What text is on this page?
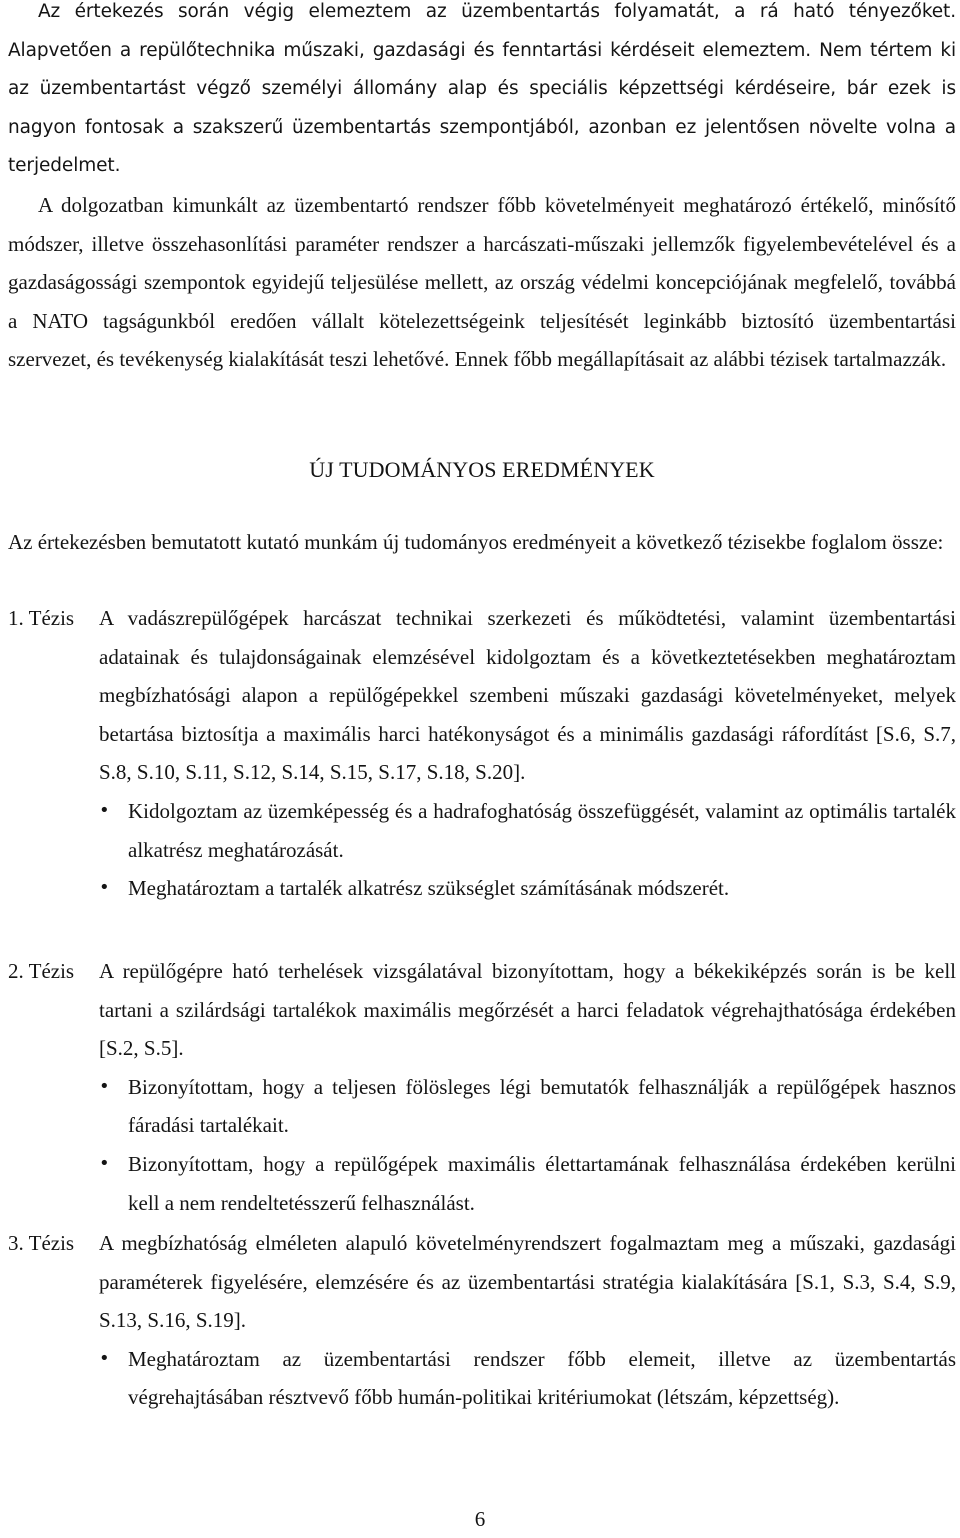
Az értekezés során végig elemeztem az üzembentartás folyamatát, a rá ható tényezőket. Alapvetően a repülőtechnika műszaki, gazdasági és fenntartási kérdéseit elemeztem. Nem tértem ki az üzembentartást végző személyi állomány alap és speciális képzettségi kérdéseire, bár ezek is nagyon fontosak a szakszerű üzembentartás szempontjából, azonban ez jelentősen növelte volna a terjedelmet.

A dolgozatban kimunkált az üzembentartó rendszer főbb követelményeit meghatározó értékelő, minősítő módszer, illetve összehasonlítási paraméter rendszer a harcászati-műszaki jellemzők figyelembevételével és a gazdaságossági szempontok egyidejű teljesülése mellett, az ország védelmi koncepciójának megfelelő, továbbá a NATO tagságunkból eredően vállalt kötelezettségeink teljesítését leginkább biztosító üzembentartási szervezet, és tevékenység kialakítását teszi lehetővé. Ennek főbb megállapításait az alábbi tézisek tartalmazzák.

ÚJ TUDOMÁNYOS EREDMÉNYEK

Az értekezésben bemutatott kutató munkám új tudományos eredményeit a következő tézisekbe foglalom össze:

1. Tézis A vadászrepülőgépek harcászat technikai szerkezeti és működtetési, valamint üzembentartási adatainak és tulajdonságainak elemzésével kidolgoztam és a következtetésekben meghatároztam megbízhatósági alapon a repülőgépekkel szembeni műszaki gazdasági követelményeket, melyek betartása biztosítja a maximális harci hatékonyságot és a minimális gazdasági ráfordítást [S.6, S.7, S.8, S.10, S.11, S.12, S.14, S.15, S.17, S.18, S.20].
• Kidolgoztam az üzemképesség és a hadrafoghatóság összefüggését, valamint az optimális tartalék alkatrész meghatározását.
• Meghatároztam a tartalék alkatrész szükséglet számításának módszerét.
2. Tézis A repülőgépre ható terhelések vizsgálatával bizonyítottam, hogy a békekiképzés során is be kell tartani a szilárdsági tartalékok maximális megőrzését a harci feladatok végrehajthatósága érdekében [S.2, S.5].
• Bizonyítottam, hogy a teljesen fölösleges légi bemutatók felhasználják a repülőgépek hasznos fáradási tartalékait.
• Bizonyítottam, hogy a repülőgépek maximális élettartamának felhasználása érdekében kerülni kell a nem rendeltetésszerű felhasználást.
3. Tézis A megbízhatóság elméleten alapuló követelményrendszert fogalmaztam meg a műszaki, gazdasági paraméterek figyelésére, elemzésére és az üzembentartási stratégia kialakítására [S.1, S.3, S.4, S.9, S.13, S.16, S.19].
• Meghatároztam az üzembentartási rendszer főbb elemeit, illetve az üzembentartás végrehajtásában résztvevő főbb humán-politikai kritériumokat (létszám, képzettség).
6
